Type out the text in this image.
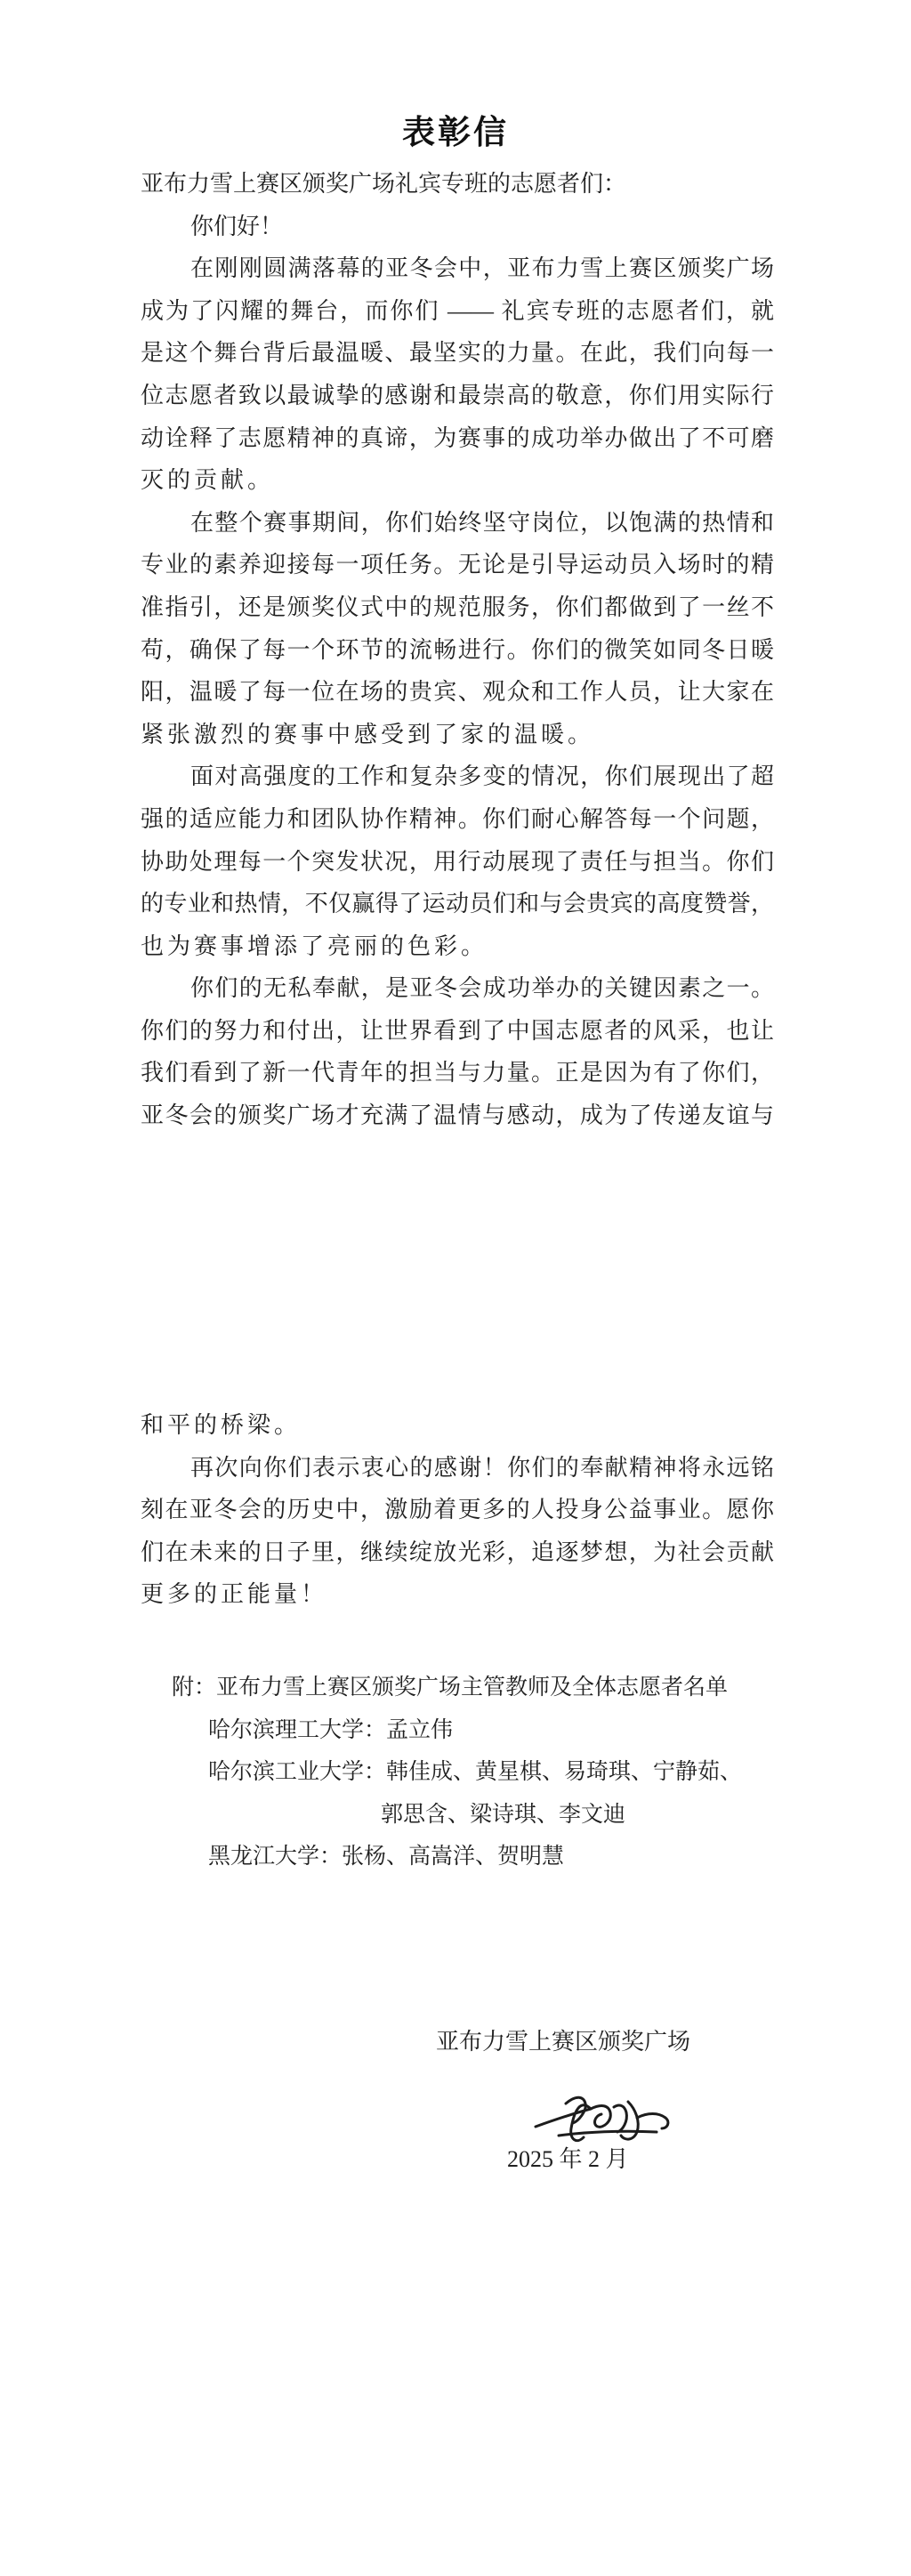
表彰信
亚布力雪上赛区颁奖广场礼宾专班的志愿者们：
你们好！
在刚刚圆满落幕的亚冬会中，亚布力雪上赛区颁奖广场
成为了闪耀的舞台，而你们 —— 礼宾专班的志愿者们，就
是这个舞台背后最温暖、最坚实的力量。在此，我们向每一
位志愿者致以最诚挚的感谢和最崇高的敬意，你们用实际行
动诠释了志愿精神的真谛，为赛事的成功举办做出了不可磨
灭的贡献。
在整个赛事期间，你们始终坚守岗位，以饱满的热情和
专业的素养迎接每一项任务。无论是引导运动员入场时的精
准指引，还是颁奖仪式中的规范服务，你们都做到了一丝不
苟，确保了每一个环节的流畅进行。你们的微笑如同冬日暖
阳，温暖了每一位在场的贵宾、观众和工作人员，让大家在
紧张激烈的赛事中感受到了家的温暖。
面对高强度的工作和复杂多变的情况，你们展现出了超
强的适应能力和团队协作精神。你们耐心解答每一个问题，
协助处理每一个突发状况，用行动展现了责任与担当。你们
的专业和热情，不仅赢得了运动员们和与会贵宾的高度赞誉，
也为赛事增添了亮丽的色彩。
你们的无私奉献，是亚冬会成功举办的关键因素之一。
你们的努力和付出，让世界看到了中国志愿者的风采，也让
我们看到了新一代青年的担当与力量。正是因为有了你们，
亚冬会的颁奖广场才充满了温情与感动，成为了传递友谊与
和平的桥梁。
再次向你们表示衷心的感谢！你们的奉献精神将永远铭
刻在亚冬会的历史中，激励着更多的人投身公益事业。愿你
们在未来的日子里，继续绽放光彩，追逐梦想，为社会贡献
更多的正能量！
附：亚布力雪上赛区颁奖广场主管教师及全体志愿者名单
哈尔滨理工大学：孟立伟
哈尔滨工业大学：韩佳成、黄星棋、易琦琪、宁静茹、
郭思含、梁诗琪、李文迪
黑龙江大学：张杨、高嵩洋、贺明慧
亚布力雪上赛区颁奖广场
2025 年 2 月
